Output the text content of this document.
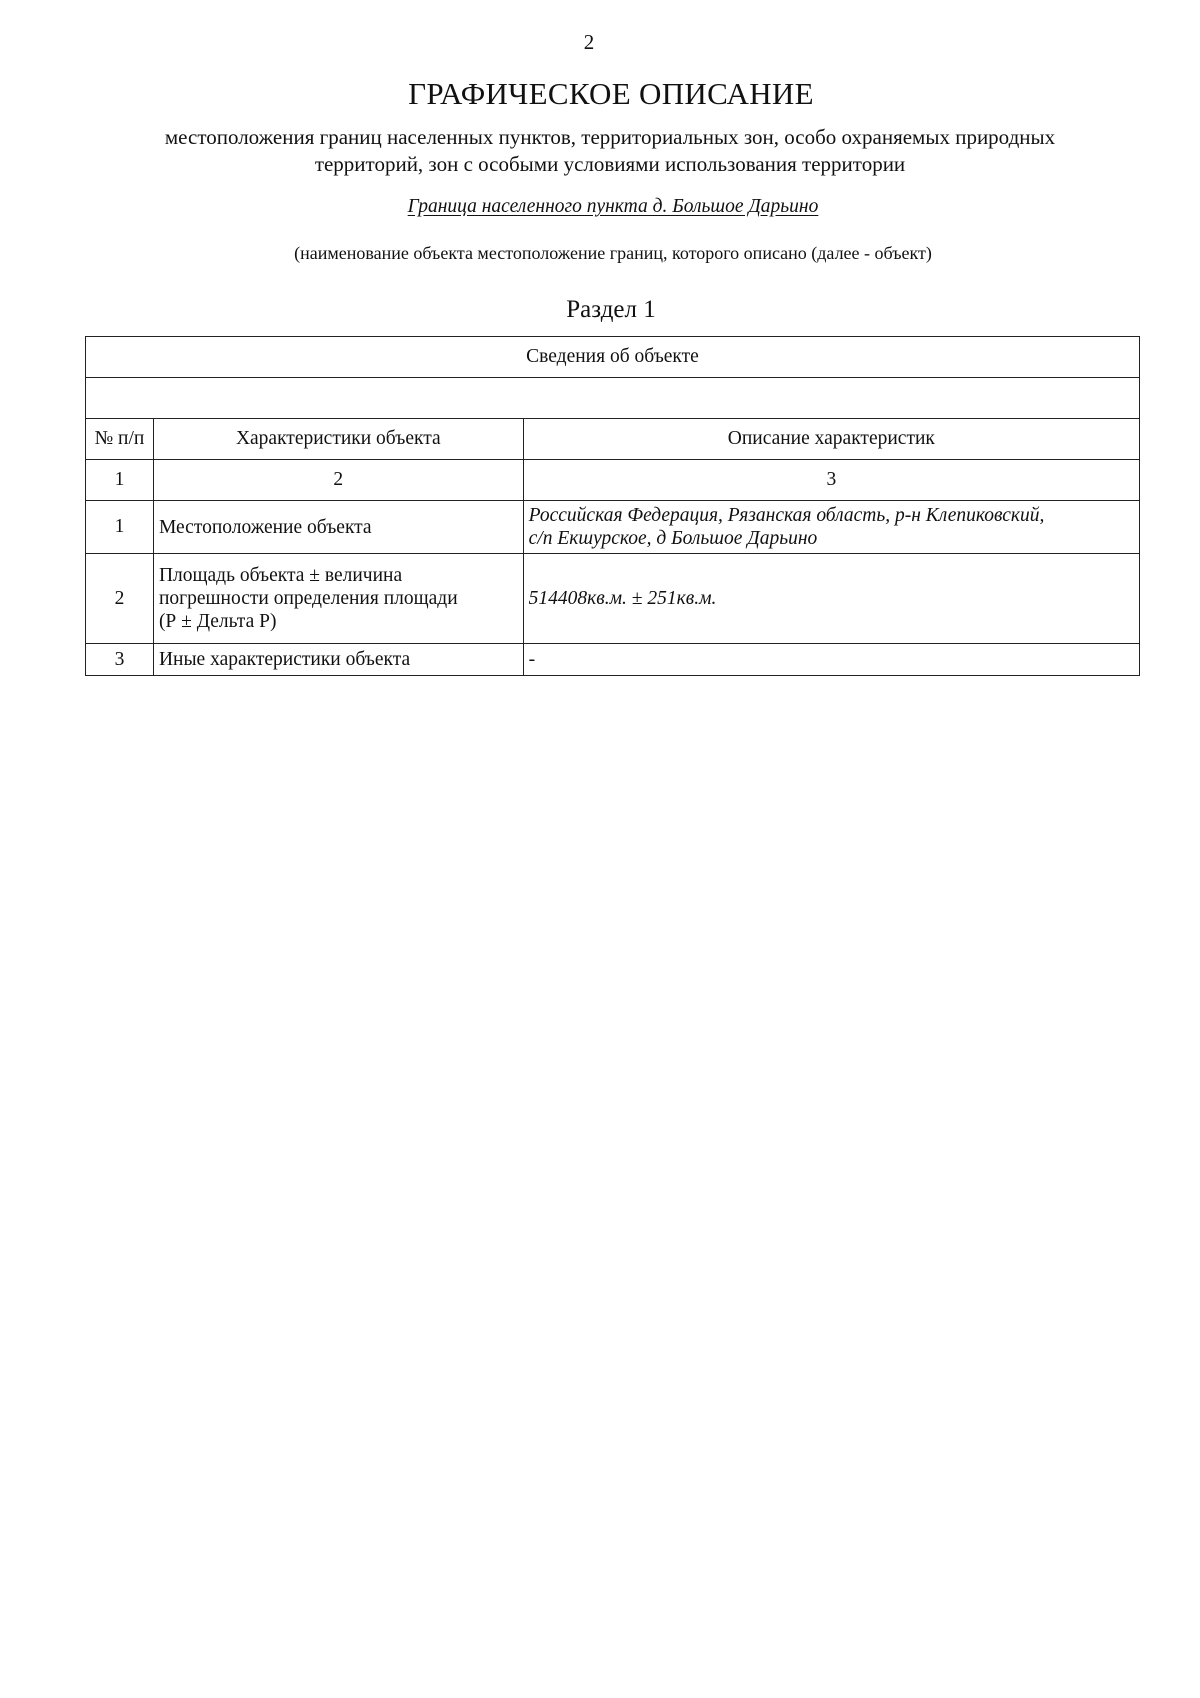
2
ГРАФИЧЕСКОЕ ОПИСАНИЕ
местоположения границ населенных пунктов, территориальных зон, особо охраняемых природных
территорий, зон с особыми условиями использования территории
Граница населенного пункта д. Большое Дарьино
(наименование объекта местоположение границ, которого описано (далее - объект)
Раздел 1
Сведения об объекте		

№ п/п	Характеристики объекта	Описание характеристик
1	2	3
1	Местоположение объекта	Российская Федерация, Рязанская область, р-н Клепиковский,
с/п Екшурское, д Большое Дарьино

2	Площадь объекта ± величина
погрешности определения площади
(Р ± Дельта Р)	514408кв.м. ± 251кв.м.
3	Иные характеристики объекта	-
